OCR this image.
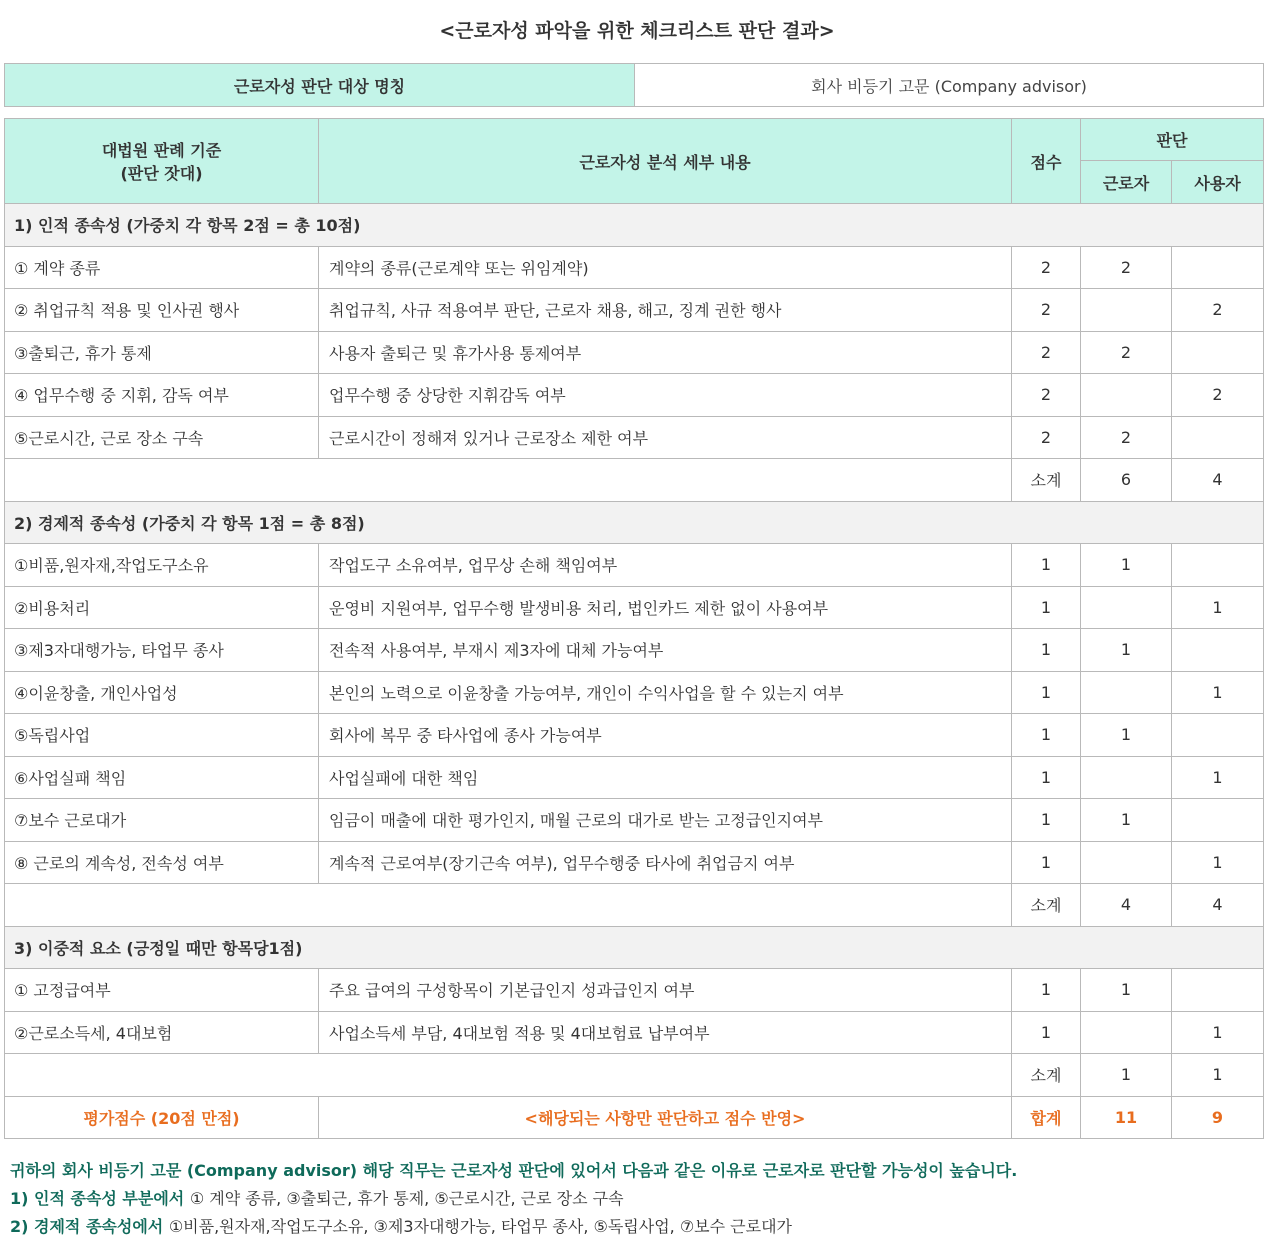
<근로자성 파악을 위한 체크리스트 판단 결과>
근로자성 판단 대상 명칭	회사 비등기 고문 (Company advisor)
대법원 판례 기준
(판단 잣대)	근로자성 분석 세부 내용	점수	판단	
			근로자	사용자
1) 인적 종속성 (가중치 각 항목 2점 = 총 10점)				
① 계약 종류	계약의 종류(근로계약 또는 위임계약)	2	2	
② 취업규칙 적용 및 인사권 행사	취업규칙, 사규 적용여부 판단, 근로자 채용, 해고, 징계 권한 행사	2		2
③출퇴근, 휴가 통제	사용자 출퇴근 및 휴가사용 통제여부	2	2	
④ 업무수행 중 지휘, 감독 여부	업무수행 중 상당한 지휘감독 여부	2		2
⑤근로시간, 근로 장소 구속	근로시간이 정해져 있거나 근로장소 제한 여부	2	2	
		소계	6	4
2) 경제적 종속성 (가중치 각 항목 1점 = 총 8점)				
①비품,원자재,작업도구소유	작업도구 소유여부, 업무상 손해 책임여부	1	1	
②비용처리	운영비 지원여부, 업무수행 발생비용 처리, 법인카드 제한 없이 사용여부	1		1
③제3자대행가능, 타업무 종사	전속적 사용여부, 부재시 제3자에 대체 가능여부	1	1	
④이윤창출, 개인사업성	본인의 노력으로 이윤창출 가능여부, 개인이 수익사업을 할 수 있는지 여부	1		1
⑤독립사업	회사에 복무 중 타사업에 종사 가능여부	1	1	
⑥사업실패 책임	사업실패에 대한 책임	1		1
⑦보수 근로대가	임금이 매출에 대한 평가인지, 매월 근로의 대가로 받는 고정급인지여부	1	1	
⑧ 근로의 계속성, 전속성 여부	계속적 근로여부(장기근속 여부), 업무수행중 타사에 취업금지 여부	1		1
		소계	4	4
3) 이중적 요소 (긍정일 때만 항목당1점)				
① 고정급여부	주요 급여의 구성항목이 기본급인지 성과급인지 여부	1	1	
②근로소득세, 4대보험	사업소득세 부담, 4대보험 적용 및 4대보험료 납부여부	1		1
		소계	1	1
평가점수 (20점 만점)	<해당되는 사항만 판단하고 점수 반영>	합계	11	9
귀하의 회사 비등기 고문 (Company advisor) 해당 직무는 근로자성 판단에 있어서 다음과 같은 이유로 근로자로 판단할 가능성이 높습니다.
1) 인적 종속성 부분에서 ① 계약 종류, ③출퇴근, 휴가 통제, ⑤근로시간, 근로 장소 구속
2) 경제적 종속성에서 ①비품,원자재,작업도구소유, ③제3자대행가능, 타업무 종사, ⑤독립사업, ⑦보수 근로대가
